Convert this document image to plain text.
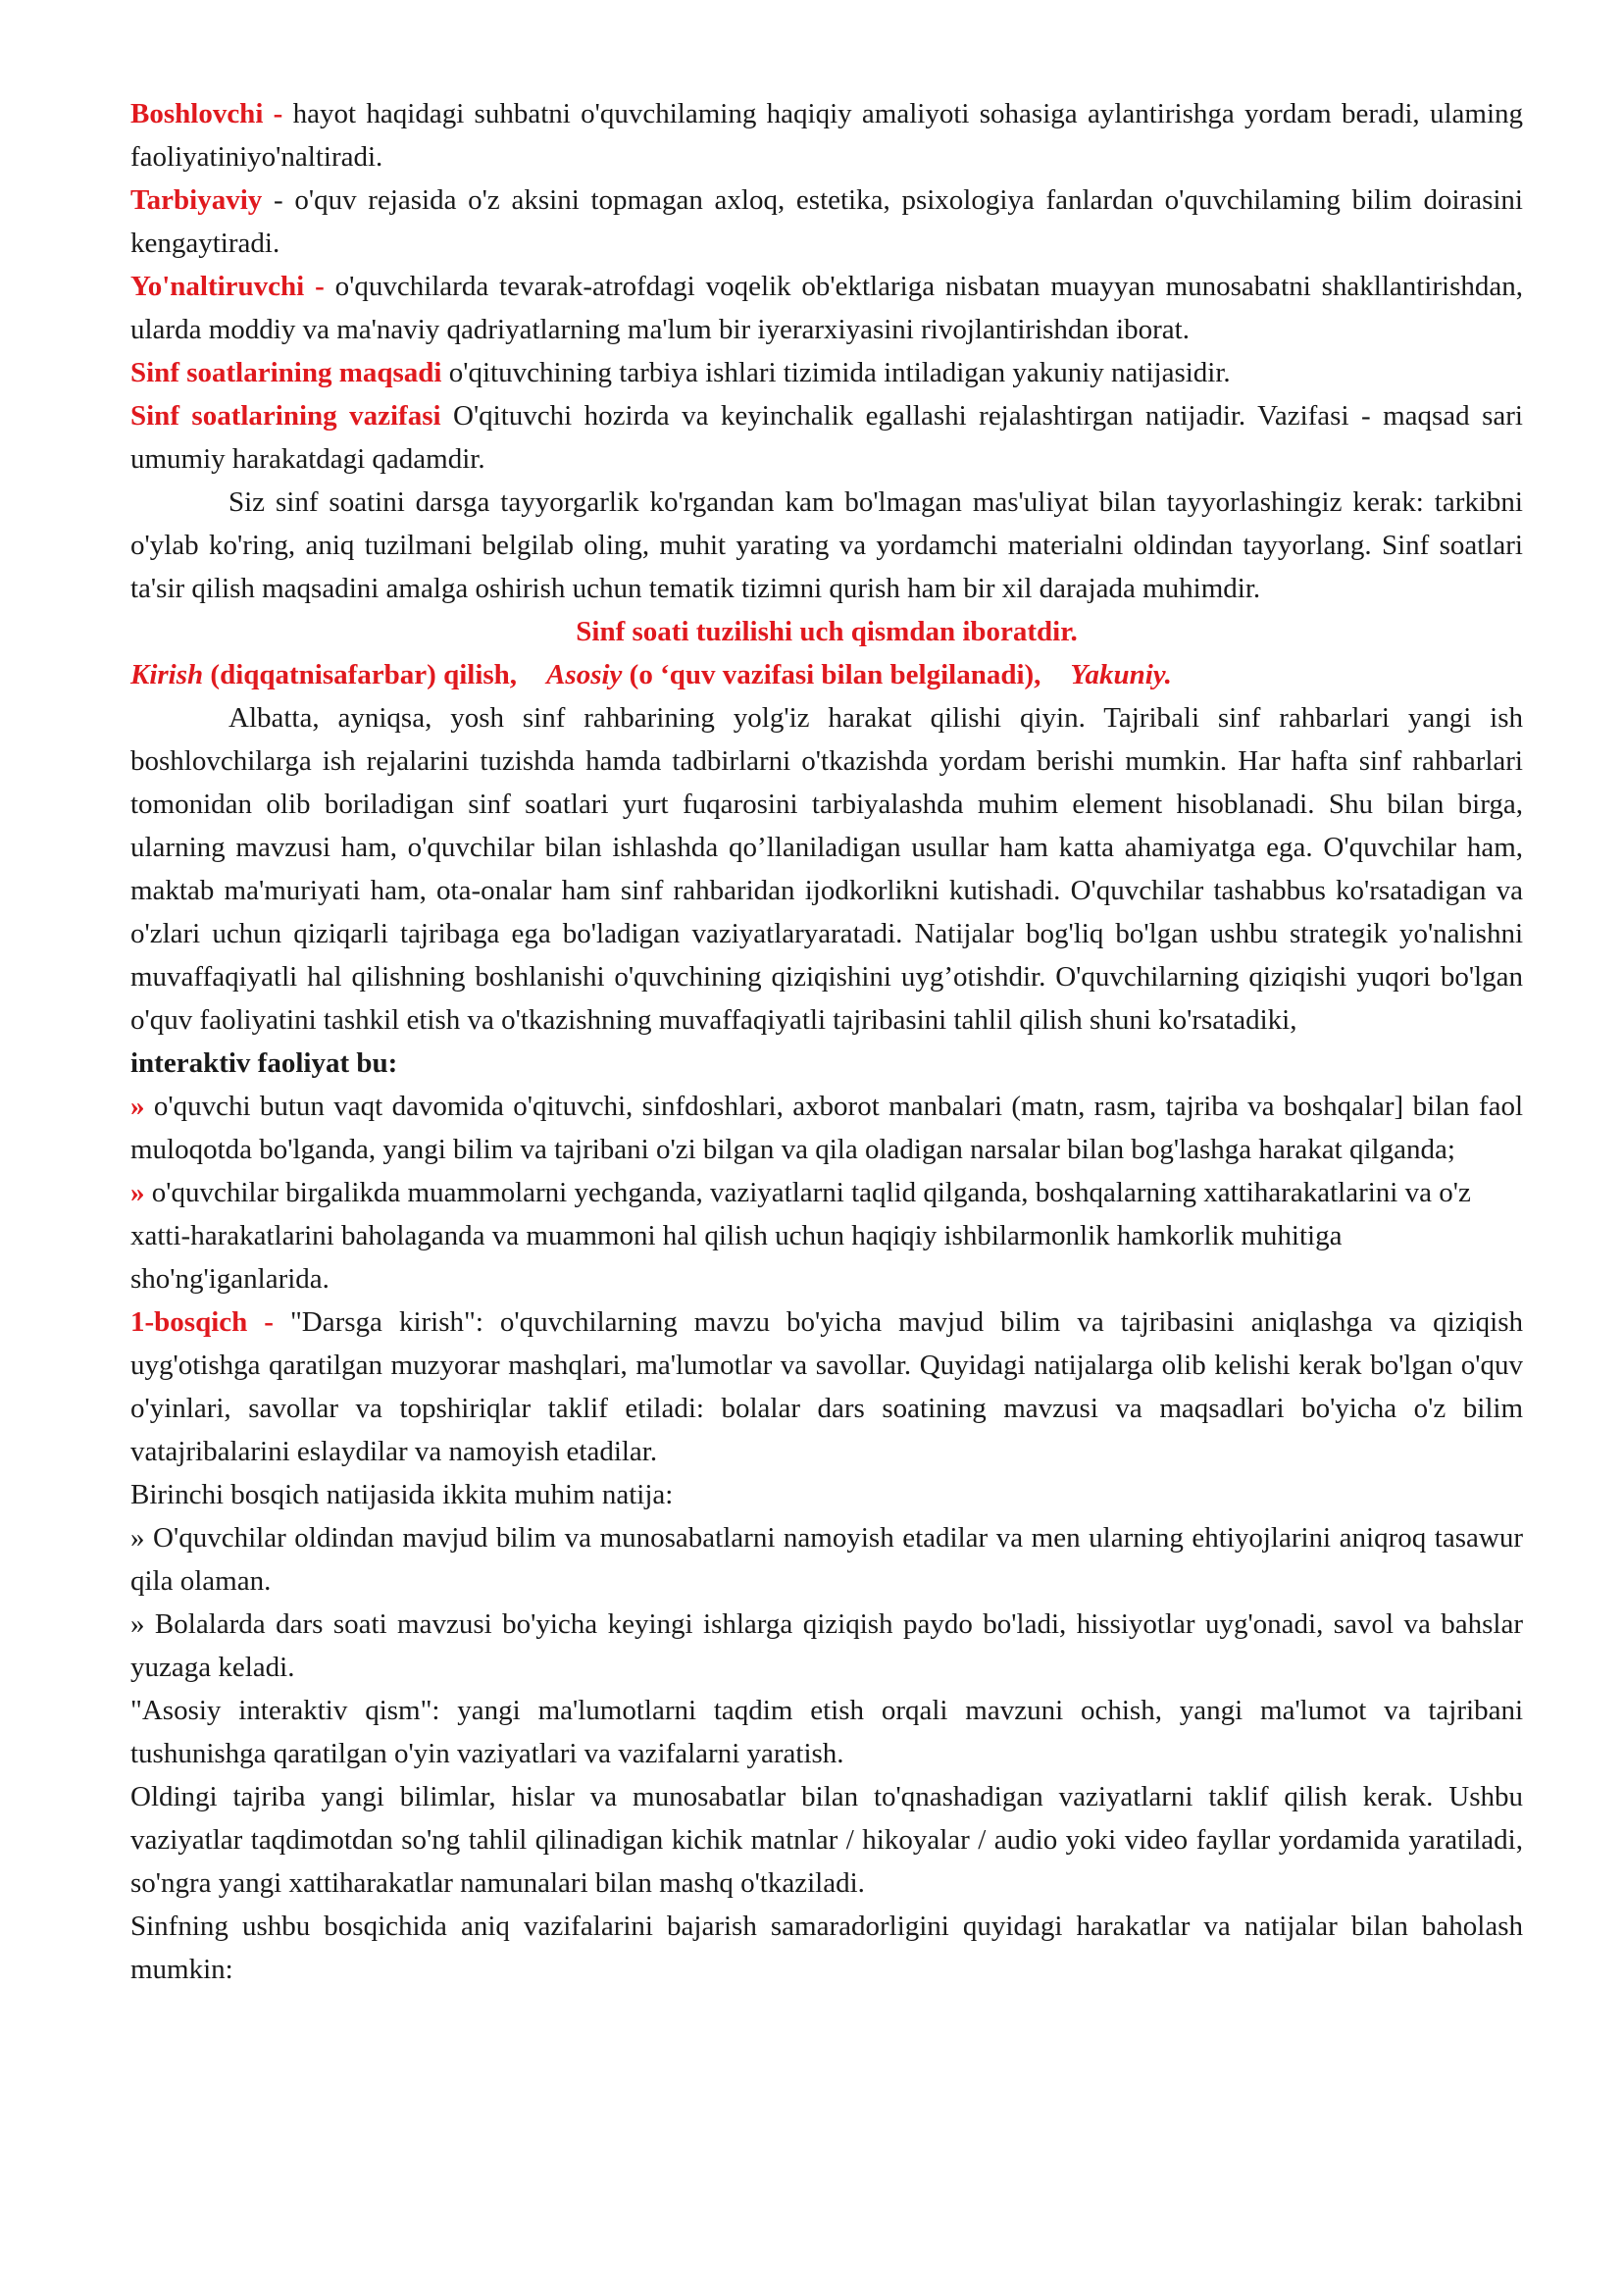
Boshlovchi - hayot haqidagi suhbatni o'quvchilaming haqiqiy amaliyoti sohasiga aylantirishga yordam beradi, ulaming faoliyatiniyo'naltiradi.

Tarbiyaviy - o'quv rejasida o'z aksini topmagan axloq, estetika, psixologiya fanlardan o'quvchilaming bilim doirasini kengaytiradi.

Yo'naltiruvchi - o'quvchilarda tevarak-atrofdagi voqelik ob'ektlariga nisbatan muayyan munosabatni shakllantirishdan, ularda moddiy va ma'naviy qadriyatlarning ma'lum bir iyerarxiyasini rivojlantirishdan iborat.

Sinf soatlarining maqsadi o'qituvchining tarbiya ishlari tizimida intiladigan yakuniy natijasidir.

Sinf soatlarining vazifasi O'qituvchi hozirda va keyinchalik egallashi rejalashtirgan natijadir. Vazifasi - maqsad sari umumiy harakatdagi qadamdir.

Siz sinf soatini darsga tayyorgarlik ko'rgandan kam bo'lmagan mas'uliyat bilan tayyorlashingiz kerak: tarkibni o'ylab ko'ring, aniq tuzilmani belgilab oling, muhit yarating va yordamchi materialni oldindan tayyorlang. Sinf soatlari ta'sir qilish maqsadini amalga oshirish uchun tematik tizimni qurish ham bir xil darajada muhimdir.

Sinf soati tuzilishi uch qismdan iboratdir.

Kirish (diqqatnisafarbar) qilish, Asosiy (o ‘quv vazifasi bilan belgilanadi), Yakuniy.

Albatta, ayniqsa, yosh sinf rahbarining yolg'iz harakat qilishi qiyin. Tajribali sinf rahbarlari yangi ish boshlovchilarga ish rejalarini tuzishda hamda tadbirlarni o'tkazishda yordam berishi mumkin. Har hafta sinf rahbarlari tomonidan olib boriladigan sinf soatlari yurt fuqarosini tarbiyalashda muhim element hisoblanadi. Shu bilan birga, ularning mavzusi ham, o'quvchilar bilan ishlashda qo’llaniladigan usullar ham katta ahamiyatga ega. O'quvchilar ham, maktab ma'muriyati ham, ota-onalar ham sinf rahbaridan ijodkorlikni kutishadi. O'quvchilar tashabbus ko'rsatadigan va o'zlari uchun qiziqarli tajribaga ega bo'ladigan vaziyatlaryaratadi. Natijalar bog'liq bo'lgan ushbu strategik yo'nalishni muvaffaqiyatli hal qilishning boshlanishi o'quvchining qiziqishini uyg’otishdir. O'quvchilarning qiziqishi yuqori bo'lgan o'quv faoliyatini tashkil etish va o'tkazishning muvaffaqiyatli tajribasini tahlil qilish shuni ko'rsatadiki,

interaktiv faoliyat bu:

» o'quvchi butun vaqt davomida o'qituvchi, sinfdoshlari, axborot manbalari (matn, rasm, tajriba va boshqalar] bilan faol muloqotda bo'lganda, yangi bilim va tajribani o'zi bilgan va qila oladigan narsalar bilan bog'lashga harakat qilganda;

» o'quvchilar birgalikda muammolarni yechganda, vaziyatlarni taqlid qilganda, boshqalarning xattiharakatlarini va o'z xatti-harakatlarini baholaganda va muammoni hal qilish uchun haqiqiy ishbilarmonlik hamkorlik muhitiga sho'ng'iganlarida.

1-bosqich - "Darsga kirish": o'quvchilarning mavzu bo'yicha mavjud bilim va tajribasini aniqlashga va qiziqish uyg'otishga qaratilgan muzyorar mashqlari, ma'lumotlar va savollar. Quyidagi natijalarga olib kelishi kerak bo'lgan o'quv o'yinlari, savollar va topshiriqlar taklif etiladi: bolalar dars soatining mavzusi va maqsadlari bo'yicha o'z bilim vatajribalarini eslaydilar va namoyish etadilar.

Birinchi bosqich natijasida ikkita muhim natija:

» O'quvchilar oldindan mavjud bilim va munosabatlarni namoyish etadilar va men ularning ehtiyojlarini aniqroq tasawur qila olaman.

» Bolalarda dars soati mavzusi bo'yicha keyingi ishlarga qiziqish paydo bo'ladi, hissiyotlar uyg'onadi, savol va bahslar yuzaga keladi.

"Asosiy interaktiv qism": yangi ma'lumotlarni taqdim etish orqali mavzuni ochish, yangi ma'lumot va tajribani tushunishga qaratilgan o'yin vaziyatlari va vazifalarni yaratish.

Oldingi tajriba yangi bilimlar, hislar va munosabatlar bilan to'qnashadigan vaziyatlarni taklif qilish kerak. Ushbu vaziyatlar taqdimotdan so'ng tahlil qilinadigan kichik matnlar / hikoyalar / audio yoki video fayllar yordamida yaratiladi, so'ngra yangi xattiharakatlar namunalari bilan mashq o'tkaziladi.

Sinfning ushbu bosqichida aniq vazifalarini bajarish samaradorligini quyidagi harakatlar va natijalar bilan baholash mumkin:
